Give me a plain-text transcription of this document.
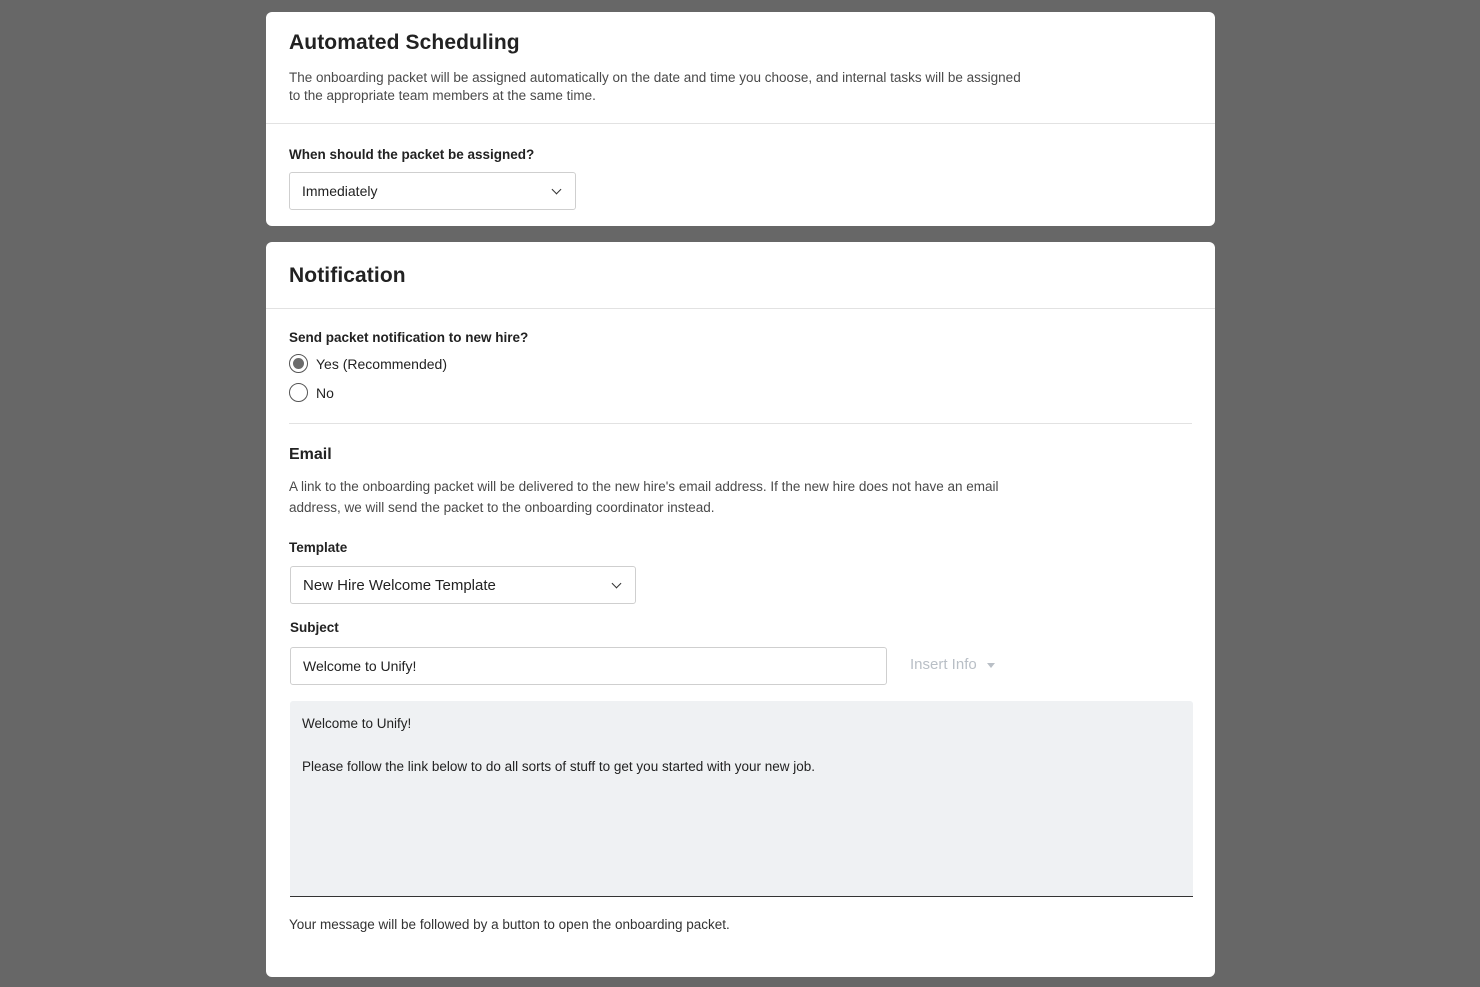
Automated Scheduling
The onboarding packet will be assigned automatically on the date and time you choose, and internal tasks will be assigned to the appropriate team members at the same time.
When should the packet be assigned?
Immediately
Notification
Send packet notification to new hire?
Yes (Recommended)
No
Email
A link to the onboarding packet will be delivered to the new hire's email address. If the new hire does not have an email address, we will send the packet to the onboarding coordinator instead.
Template
New Hire Welcome Template
Subject
Welcome to Unify!	Insert Info

Welcome to Unify!

Please follow the link below to do all sorts of stuff to get you started with your new job.

Your message will be followed by a button to open the onboarding packet.
